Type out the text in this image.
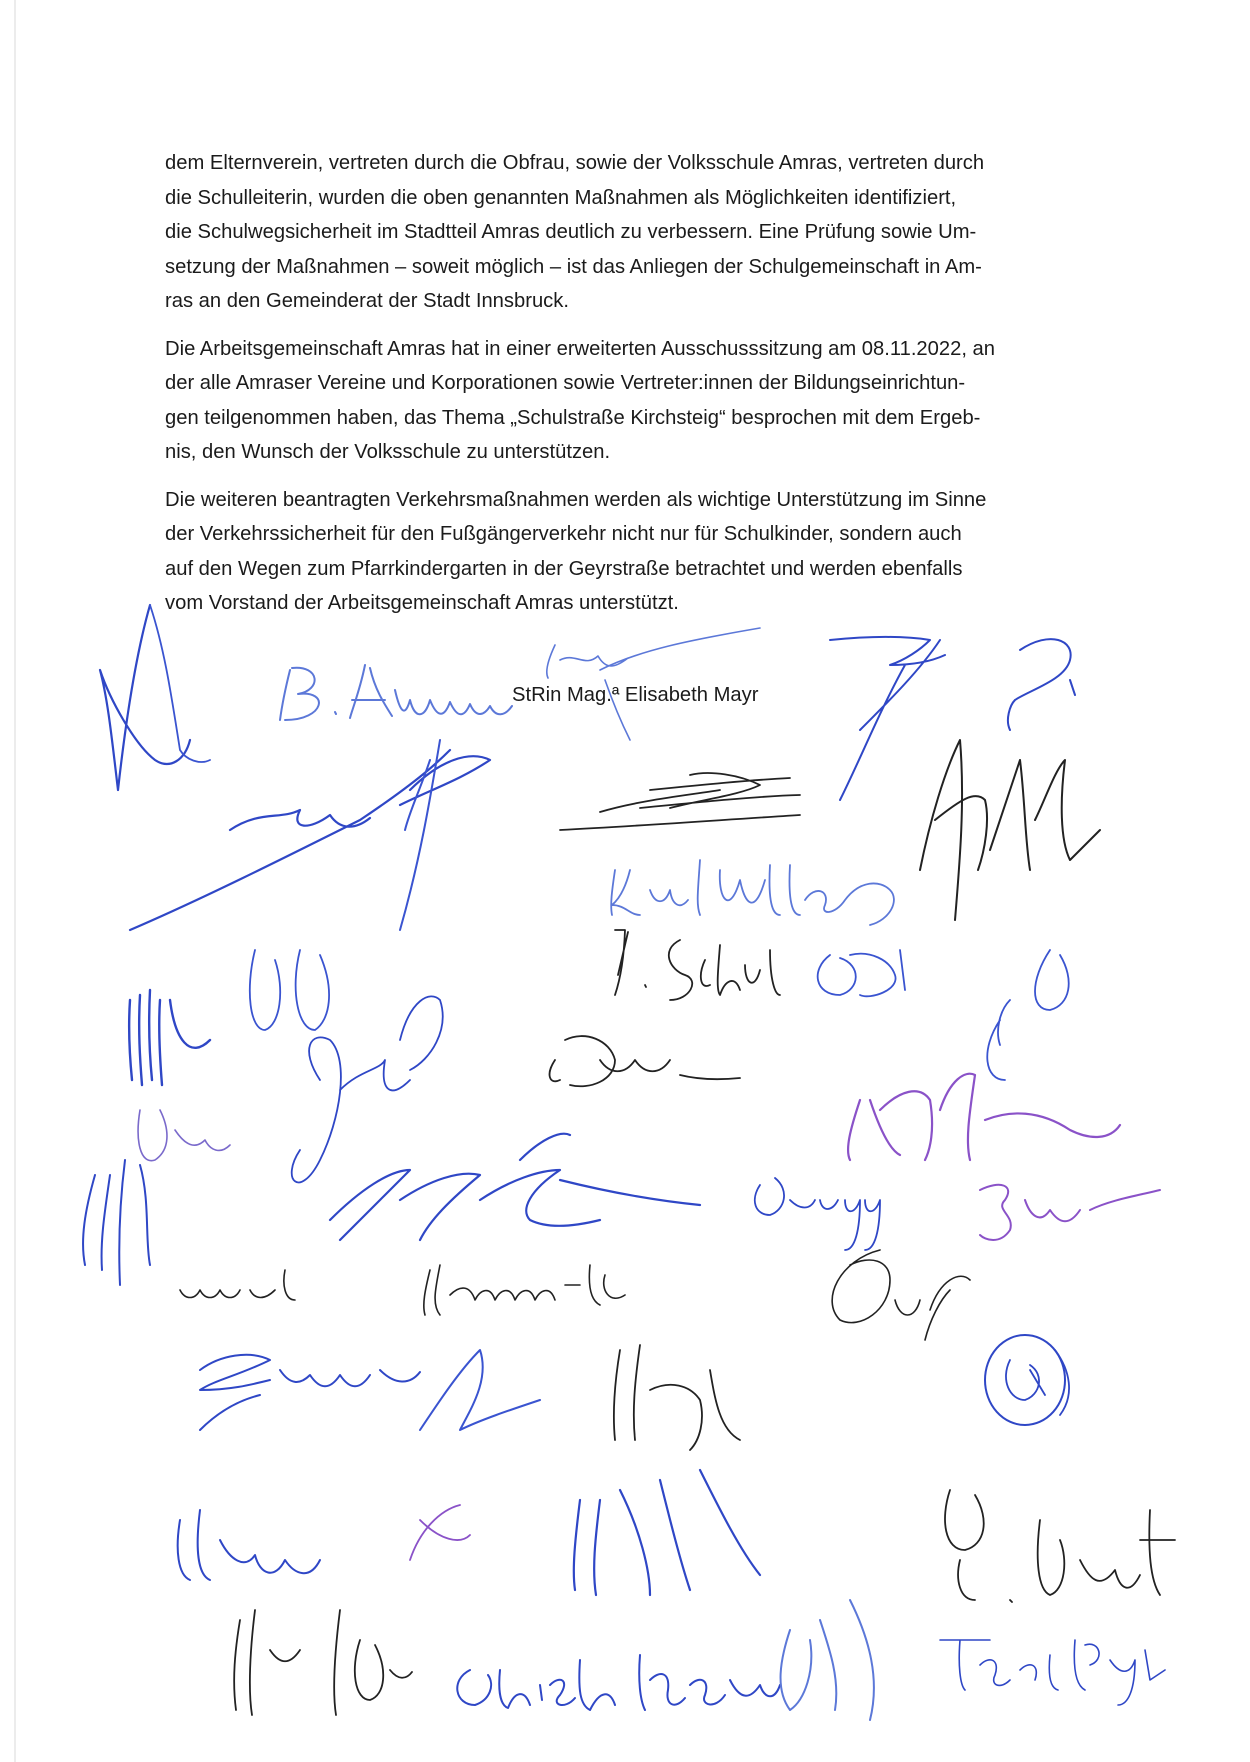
dem Elternverein, vertreten durch die Obfrau, sowie der Volksschule Amras, vertreten durch
die Schulleiterin, wurden die oben genannten Maßnahmen als Möglichkeiten identifiziert,
die Schulwegsicherheit im Stadtteil Amras deutlich zu verbessern. Eine Prüfung sowie Um-
setzung der Maßnahmen – soweit möglich – ist das Anliegen der Schulgemeinschaft in Am-
ras an den Gemeinderat der Stadt Innsbruck.

Die Arbeitsgemeinschaft Amras hat in einer erweiterten Ausschusssitzung am 08.11.2022, an
der alle Amraser Vereine und Korporationen sowie Vertreter:innen der Bildungseinrichtun-
gen teilgenommen haben, das Thema „Schulstraße Kirchsteig“ besprochen mit dem Ergeb-
nis, den Wunsch der Volksschule zu unterstützen.

Die weiteren beantragten Verkehrsmaßnahmen werden als wichtige Unterstützung im Sinne
der Verkehrssicherheit für den Fußgängerverkehr nicht nur für Schulkinder, sondern auch
auf den Wegen zum Pfarrkindergarten in der Geyrstraße betrachtet und werden ebenfalls
vom Vorstand der Arbeitsgemeinschaft Amras unterstützt.

StRin Mag.ª Elisabeth Mayr
